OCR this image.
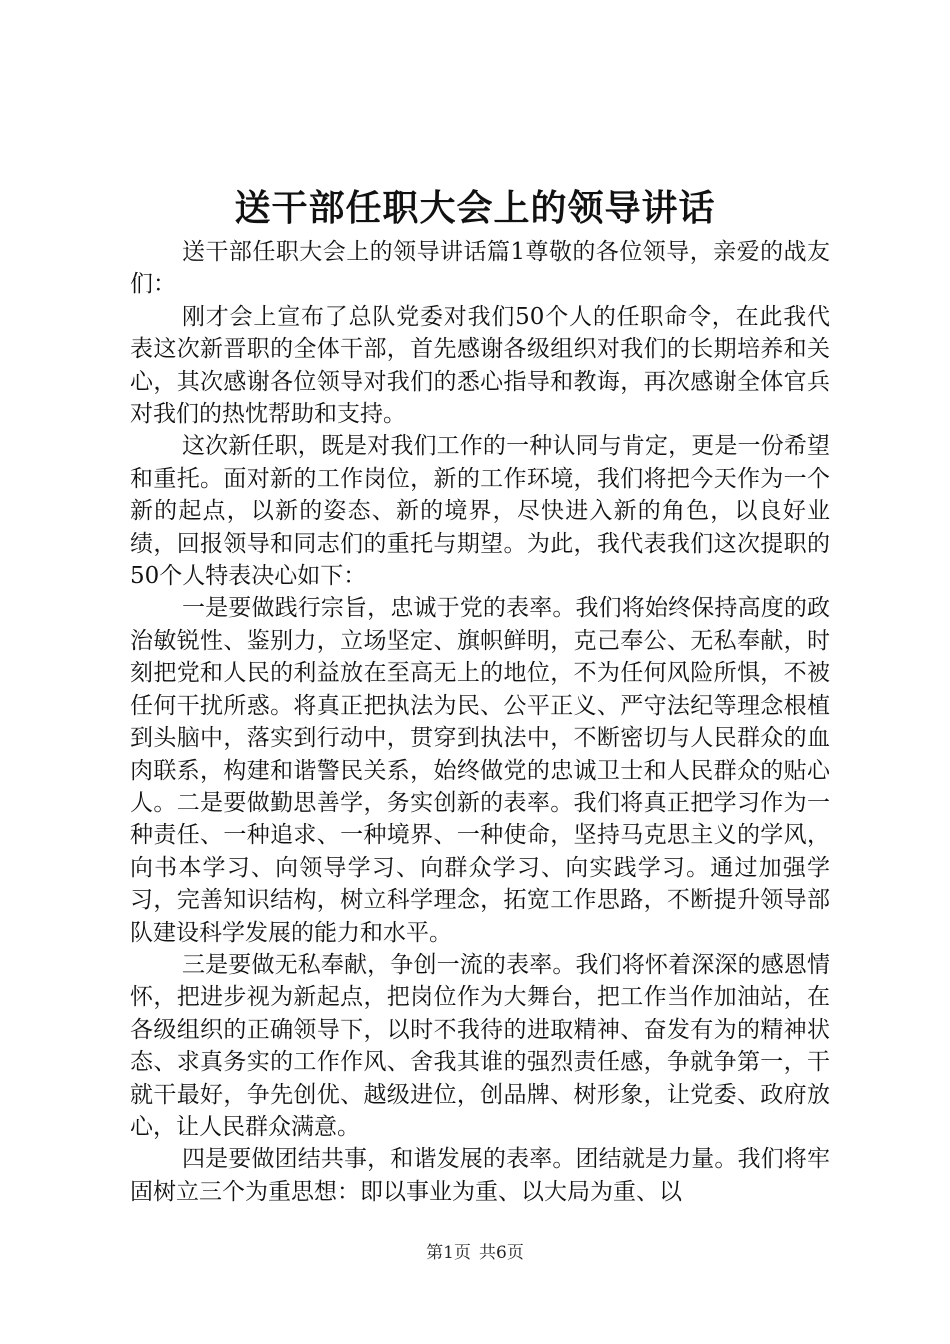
送干部任职大会上的领导讲话

送干部任职大会上的领导讲话篇1尊敬的各位领导，亲爱的战友们：

刚才会上宣布了总队党委对我们50个人的任职命令，在此我代表这次新晋职的全体干部，首先感谢各级组织对我们的长期培养和关心，其次感谢各位领导对我们的悉心指导和教诲，再次感谢全体官兵对我们的热忱帮助和支持。

这次新任职，既是对我们工作的一种认同与肯定，更是一份希望和重托。面对新的工作岗位，新的工作环境，我们将把今天作为一个新的起点，以新的姿态、新的境界，尽快进入新的角色，以良好业绩，回报领导和同志们的重托与期望。为此，我代表我们这次提职的50个人特表决心如下：

一是要做践行宗旨，忠诚于党的表率。我们将始终保持高度的政治敏锐性、鉴别力，立场坚定、旗帜鲜明，克己奉公、无私奉献，时刻把党和人民的利益放在至高无上的地位，不为任何风险所惧，不被任何干扰所惑。将真正把执法为民、公平正义、严守法纪等理念根植到头脑中，落实到行动中，贯穿到执法中，不断密切与人民群众的血肉联系，构建和谐警民关系，始终做党的忠诚卫士和人民群众的贴心人。二是要做勤思善学，务实创新的表率。我们将真正把学习作为一种责任、一种追求、一种境界、一种使命，坚持马克思主义的学风，向书本学习、向领导学习、向群众学习、向实践学习。通过加强学习，完善知识结构，树立科学理念，拓宽工作思路，不断提升领导部队建设科学发展的能力和水平。

三是要做无私奉献，争创一流的表率。我们将怀着深深的感恩情怀，把进步视为新起点，把岗位作为大舞台，把工作当作加油站，在各级组织的正确领导下，以时不我待的进取精神、奋发有为的精神状态、求真务实的工作作风、舍我其谁的强烈责任感，争就争第一，干就干最好，争先创优、越级进位，创品牌、树形象，让党委、政府放心，让人民群众满意。

四是要做团结共事，和谐发展的表率。团结就是力量。我们将牢固树立三个为重思想：即以事业为重、以大局为重、以

第1页 共6页
